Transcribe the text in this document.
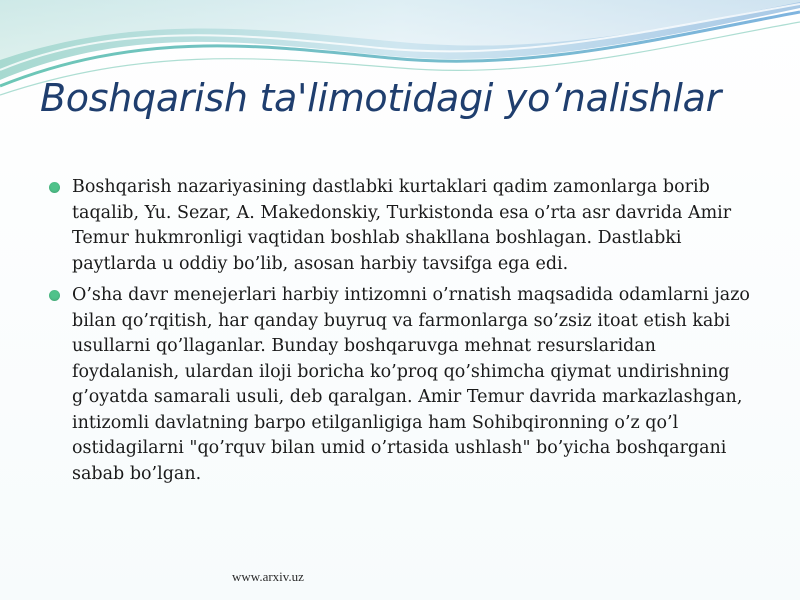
Boshqarish ta'limotidagi yo’nalishlar

Boshqarish nazariyasining dastlabki kurtaklari qadim zamonlarga borib taqalib, Yu. Sezar, A. Makedonskiy, Turkistonda esa o’rta asr davrida Amir Temur hukmronligi vaqtidan boshlab shakllana boshlagan. Dastlabki paytlarda u oddiy bo’lib, asosan harbiy tavsifga ega edi.

O’sha davr menejerlari harbiy intizomni o’rnatish maqsadida odamlarni jazo bilan qo’rqitish, har qanday buyruq va farmonlarga so’zsiz itoat etish kabi usullarni qo’llaganlar. Bunday boshqaruvga mehnat resurslaridan foydalanish, ulardan iloji boricha ko’proq qo’shimcha qiymat undirishning g’oyatda samarali usuli, deb qaralgan. Amir Temur davrida markazlashgan, intizomli davlatning barpo etilganligiga ham Sohibqironning o’z qo’l ostidagilarni "qo’rquv bilan umid o’rtasida ushlash" bo’yicha boshqargani sabab bo’lgan.

www.arxiv.uz
